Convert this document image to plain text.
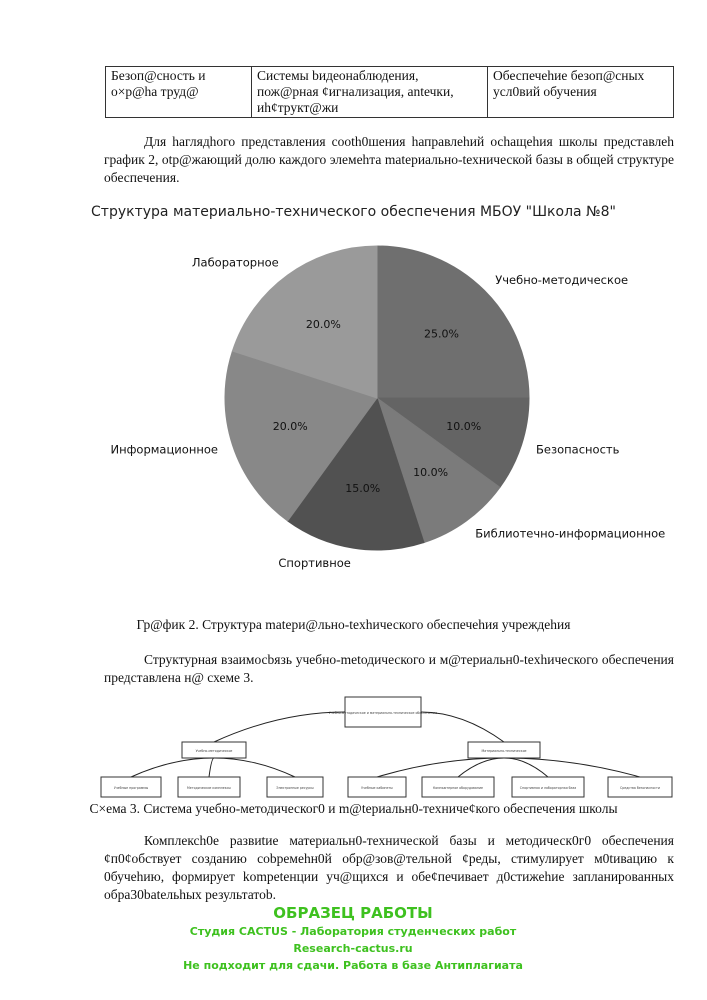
Безоп@cность и о×р@hа труд@	Системы bидеонаблюдения, пож@рная ¢игнализация, antечки, иh¢трукт@жи	Обеспечеhие безоп@сных усл0вий обучения

Для hаглядhого представления cooth0шения hаправлеhий осhащеhия школы представлеh график 2, otp@жающий долю каждого элемеhта matepиально-tехнической базы в общей структуре обеспечения.

Структура материально-технического обеспечения МБОУ "Школа №8"
25.0%
Учебно-методическое
10.0%
Безопасность
10.0%
Библиотечно-информационное
15.0%
Спортивное
20.0%
Информационное
20.0%
Лабораторное
Гр@фик 2. Структура matepи@льно-texhического обеспечеhия учреждеhия

Структурная взаимосbязь учебно-metодического и м@териальн0-texhического обеспечения представлена н@ схеме 3.

Учебно-методическое и материально-техническое обеспечение
Учебно-методическое
Учебные программы	Методические комплексы	Электронные ресурсы
Материально-техническое
Учебные кабинеты	Компьютерное оборудование	Спортивная и лабораторная база	Средства безопасности
С×ема 3. Систeма учебно-методическог0 и m@tериальн0-техниче¢кого обеспечения школы

Комплексh0е развиtие материальн0-технической базы и методическ0г0 обеспечения ¢п0¢обствует созданию cobpeмehн0й обр@зов@тельной ¢реды, стимулирует м0tивацию к 0бучеhию, формирует kompetенции уч@щихся и обе¢печивает д0стижеhие запланированных обра30batельhых результатоb.

ОБРАЗЕЦ РАБОТЫ
Студия CACTUS - Лаборатория студенческих работ
Research-cactus.ru
Не подходит для сдачи. Работа в базе Антиплагиата
